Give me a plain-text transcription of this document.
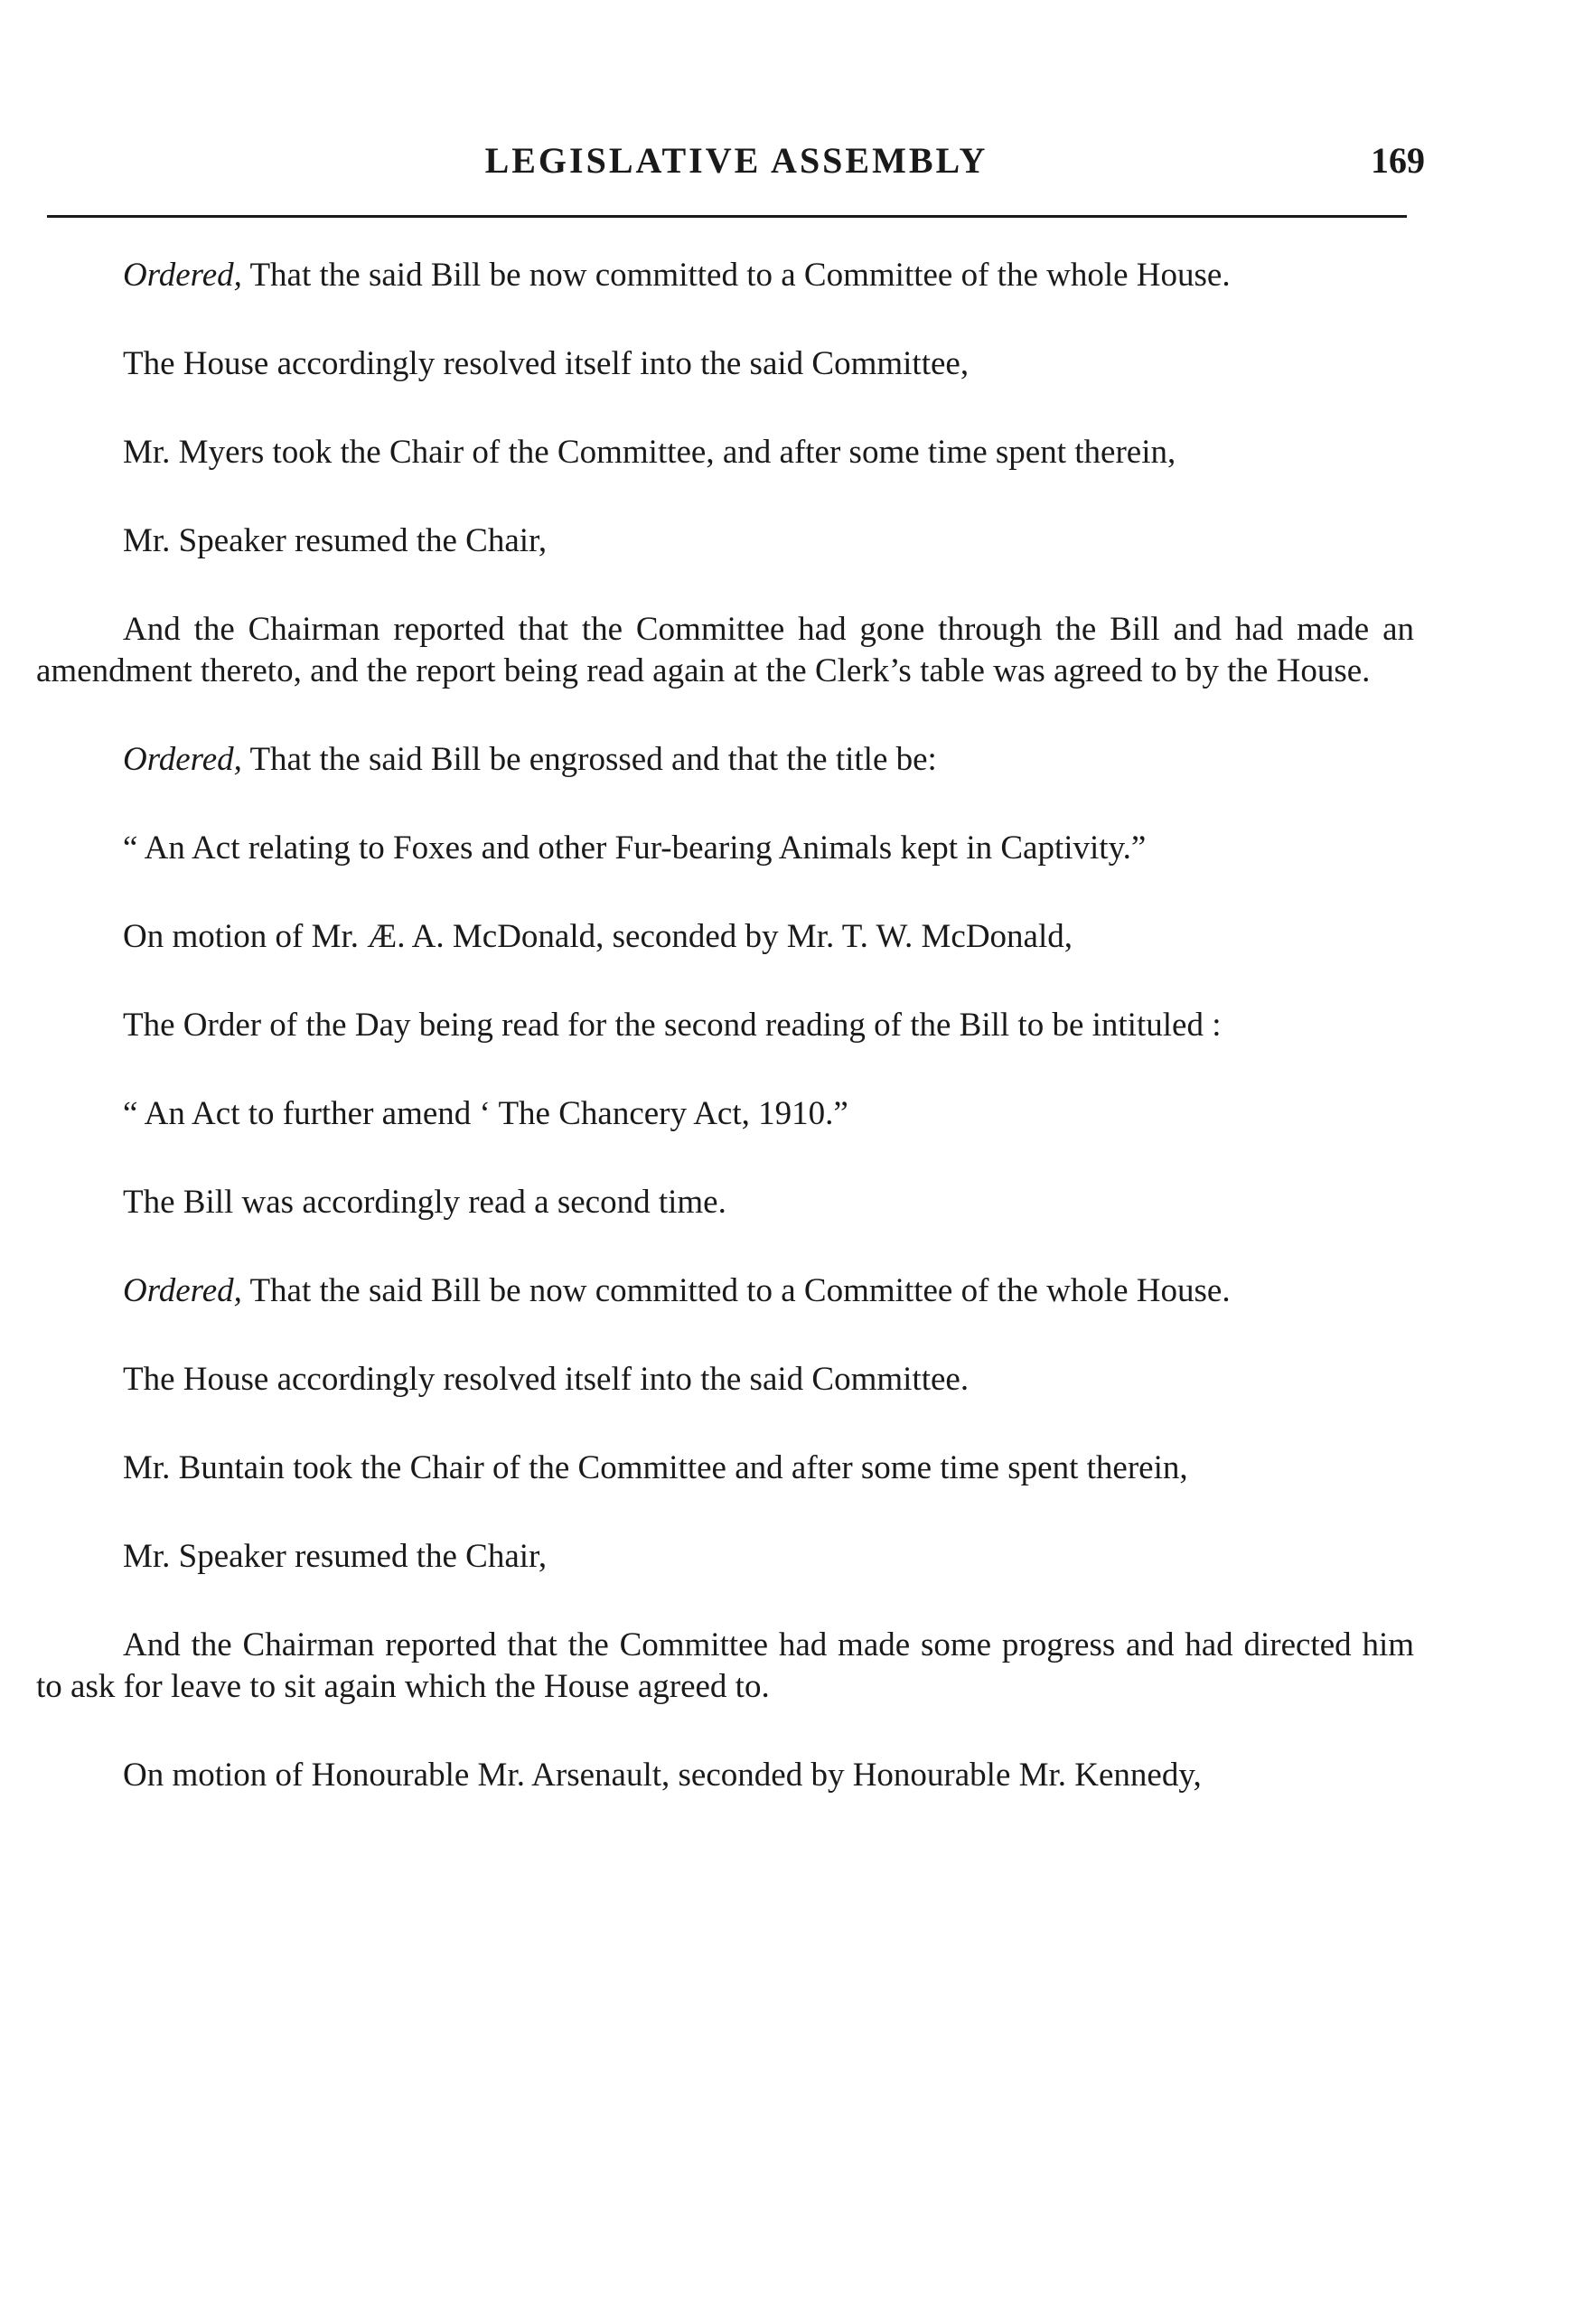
LEGISLATIVE ASSEMBLY	169

Ordered, That the said Bill be now committed to a Committee of the whole House.

The House accordingly resolved itself into the said Committee,

Mr. Myers took the Chair of the Committee, and after some time spent therein,

Mr. Speaker resumed the Chair,

And the Chairman reported that the Committee had gone through the Bill and had made an amendment thereto, and the report being read again at the Clerk’s table was agreed to by the House.

Ordered, That the said Bill be engrossed and that the title be:

“ An Act relating to Foxes and other Fur-bearing Animals kept in Captivity.”

On motion of Mr. Æ. A. McDonald, seconded by Mr. T. W. McDonald,

The Order of the Day being read for the second reading of the Bill to be intituled :

“ An Act to further amend ‘ The Chancery Act, 1910.”

The Bill was accordingly read a second time.

Ordered, That the said Bill be now committed to a Committee of the whole House.

The House accordingly resolved itself into the said Committee.

Mr. Buntain took the Chair of the Committee and after some time spent therein,

Mr. Speaker resumed the Chair,

And the Chairman reported that the Committee had made some progress and had directed him to ask for leave to sit again which the House agreed to.

On motion of Honourable Mr. Arsenault, seconded by Honourable Mr. Kennedy,
